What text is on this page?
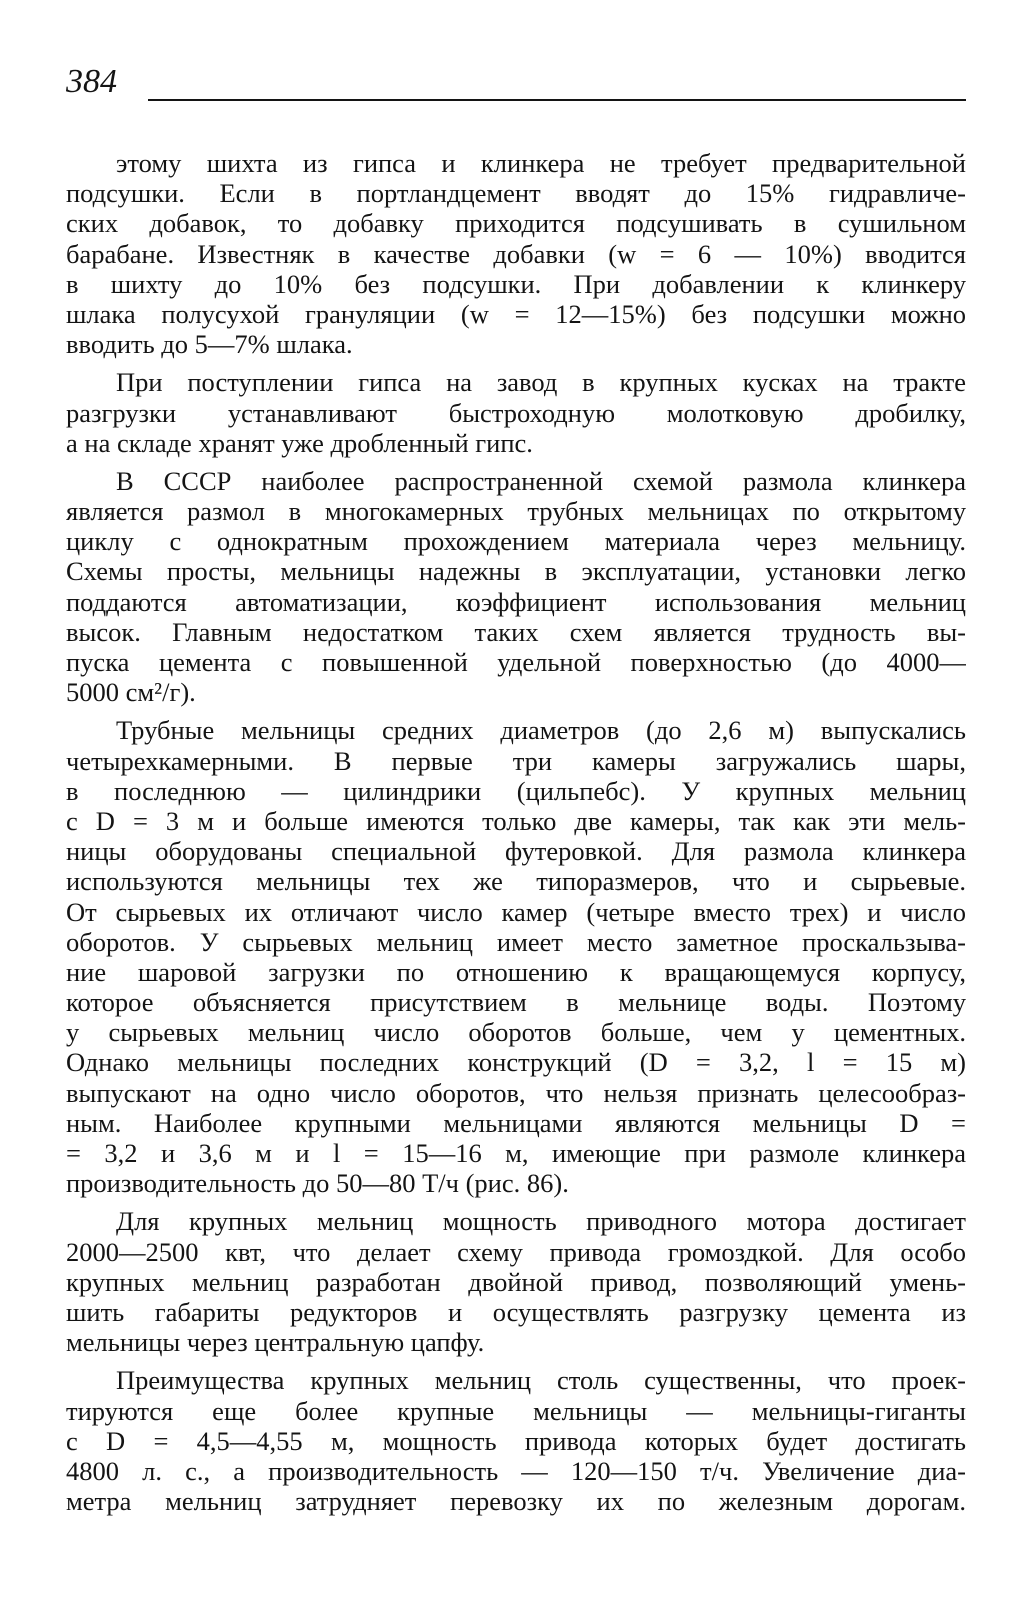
384
этому шихта из гипса и клинкера не требует предварительной
подсушки. Если в портландцемент вводят до 15% гидравличе-
ских добавок, то добавку приходится подсушивать в сушильном
барабане. Известняк в качестве добавки (w = 6 — 10%) вводится
в шихту до 10% без подсушки. При добавлении к клинкеру
шлака полусухой грануляции (w = 12—15%) без подсушки можно
вводить до 5—7% шлака.
При поступлении гипса на завод в крупных кусках на тракте
разгрузки устанавливают быстроходную молотковую дробилку,
а на складе хранят уже дробленный гипс.
В СССР наиболее распространенной схемой размола клинкера
является размол в многокамерных трубных мельницах по открытому
циклу с однократным прохождением материала через мельницу.
Схемы просты, мельницы надежны в эксплуатации, установки легко
поддаются автоматизации, коэффициент использования мельниц
высок. Главным недостатком таких схем является трудность вы-
пуска цемента с повышенной удельной поверхностью (до 4000—
5000 см²/г).
Трубные мельницы средних диаметров (до 2,6 м) выпускались
четырехкамерными. В первые три камеры загружались шары,
в последнюю — цилиндрики (цильпебс). У крупных мельниц
с D = 3 м и больше имеются только две камеры, так как эти мель-
ницы оборудованы специальной футеровкой. Для размола клинкера
используются мельницы тех же типоразмеров, что и сырьевые.
От сырьевых их отличают число камер (четыре вместо трех) и число
оборотов. У сырьевых мельниц имеет место заметное проскальзыва-
ние шаровой загрузки по отношению к вращающемуся корпусу,
которое объясняется присутствием в мельнице воды. Поэтому
у сырьевых мельниц число оборотов больше, чем у цементных.
Однако мельницы последних конструкций (D = 3,2, l = 15 м)
выпускают на одно число оборотов, что нельзя признать целесообраз-
ным. Наиболее крупными мельницами являются мельницы D =
= 3,2 и 3,6 м и l = 15—16 м, имеющие при размоле клинкера
производительность до 50—80 Т/ч (рис. 86).
Для крупных мельниц мощность приводного мотора достигает
2000—2500 квт, что делает схему привода громоздкой. Для особо
крупных мельниц разработан двойной привод, позволяющий умень-
шить габариты редукторов и осуществлять разгрузку цемента из
мельницы через центральную цапфу.
Преимущества крупных мельниц столь существенны, что проек-
тируются еще более крупные мельницы — мельницы-гиганты
с D = 4,5—4,55 м, мощность привода которых будет достигать
4800 л. с., а производительность — 120—150 т/ч. Увеличение диа-
метра мельниц затрудняет перевозку их по железным дорогам.
